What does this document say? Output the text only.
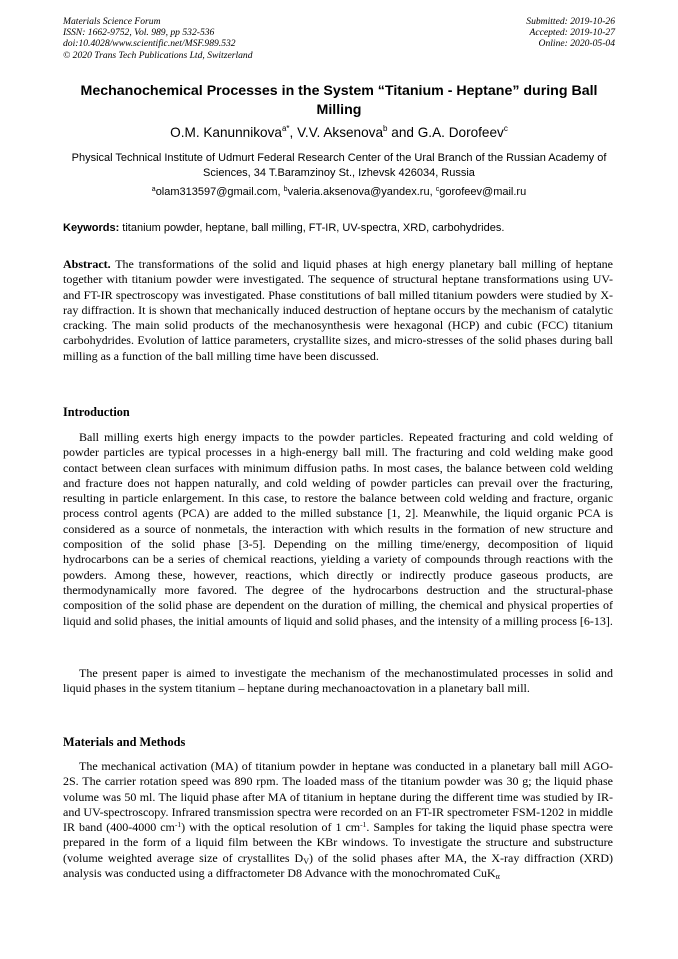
Materials Science Forum
ISSN: 1662-9752, Vol. 989, pp 532-536
doi:10.4028/www.scientific.net/MSF.989.532
© 2020 Trans Tech Publications Ltd, Switzerland
Submitted: 2019-10-26
Accepted: 2019-10-27
Online: 2020-05-04
Mechanochemical Processes in the System “Titanium - Heptane” during Ball Milling
O.M. Kanunnikova$^{a*}$, V.V. Aksenova$^b$ and G.A. Dorofeev$^c$
Physical Technical Institute of Udmurt Federal Research Center of the Ural Branch of the Russian Academy of Sciences, 34 T.Baramzinoy St., Izhevsk 426034, Russia
$^a$olam313597@gmail.com, $^b$valeria.aksenova@yandex.ru, $^c$gorofeev@mail.ru
Keywords: titanium powder, heptane, ball milling, FT-IR, UV-spectra, XRD, carbohydrides.
Abstract. The transformations of the solid and liquid phases at high energy planetary ball milling of heptane together with titanium powder were investigated. The sequence of structural heptane transformations using UV- and FT-IR spectroscopy was investigated. Phase constitutions of ball milled titanium powders were studied by X-ray diffraction. It is shown that mechanically induced destruction of heptane occurs by the mechanism of catalytic cracking. The main solid products of the mechanosynthesis were hexagonal (HCP) and cubic (FCC) titanium carbohydrides. Evolution of lattice parameters, crystallite sizes, and micro-stresses of the solid phases during ball milling as a function of the ball milling time have been discussed.
Introduction
Ball milling exerts high energy impacts to the powder particles. Repeated fracturing and cold welding of powder particles are typical processes in a high-energy ball mill. The fracturing and cold welding make good contact between clean surfaces with minimum diffusion paths. In most cases, the balance between cold welding and fracture does not happen naturally, and cold welding of powder particles can prevail over the fracturing, resulting in particle enlargement. In this case, to restore the balance between cold welding and fracture, organic process control agents (PCA) are added to the milled substance [1, 2]. Meanwhile, the liquid organic PCA is considered as a source of nonmetals, the interaction with which results in the formation of new structure and composition of the solid phase [3-5]. Depending on the milling time/energy, decomposition of liquid hydrocarbons can be a series of chemical reactions, yielding a variety of compounds through reactions with the powders. Among these, however, reactions, which directly or indirectly produce gaseous products, are thermodynamically more favored. The degree of the hydrocarbons destruction and the structural-phase composition of the solid phase are dependent on the duration of milling, the chemical and physical properties of liquid and solid phases, the initial amounts of liquid and solid phases, and the intensity of a milling process [6-13].
The present paper is aimed to investigate the mechanism of the mechanostimulated processes in solid and liquid phases in the system titanium – heptane during mechanoactovation in a planetary ball mill.
Materials and Methods
The mechanical activation (MA) of titanium powder in heptane was conducted in a planetary ball mill AGO-2S. The carrier rotation speed was 890 rpm. The loaded mass of the titanium powder was 30 g; the liquid phase volume was 50 ml. The liquid phase after MA of titanium in heptane during the different time was studied by IR- and UV-spectroscopy. Infrared transmission spectra were recorded on an FT-IR spectrometer FSM-1202 in middle IR band (400-4000 $cm^{-1}$) with the optical resolution of 1 $cm^{-1}$. Samples for taking the liquid phase spectra were prepared in the form of a liquid film between the KBr windows. To investigate the structure and substructure (volume weighted average size of crystallites $D_V$) of the solid phases after MA, the X-ray diffraction (XRD) analysis was conducted using a diffractometer D8 Advance with the monochromated CuK$_\alpha$
